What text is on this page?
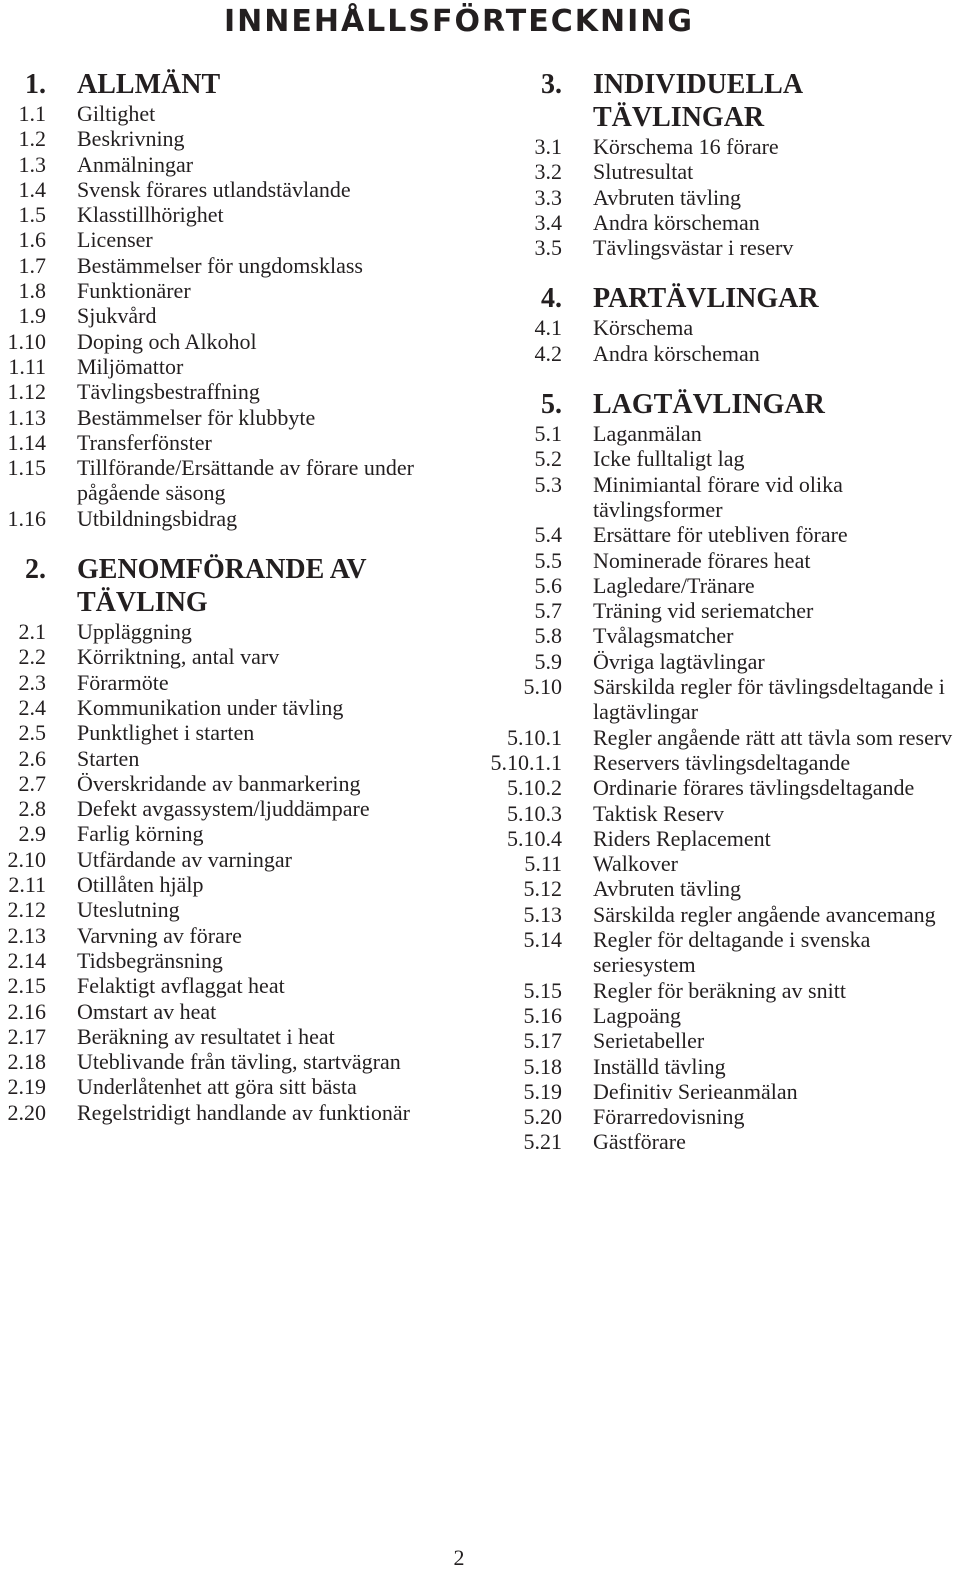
INNEHÅLLSFÖRTECKNING
1.	ALLMÄNT
1.1	Giltighet
1.2	Beskrivning
1.3	Anmälningar
1.4	Svensk förares utlandstävlande
1.5	Klasstillhörighet
1.6	Licenser
1.7	Bestämmelser för ungdomsklass
1.8	Funktionärer
1.9	Sjukvård
1.10	Doping och Alkohol
1.11	Miljömattor
1.12	Tävlingsbestraffning
1.13	Bestämmelser för klubbyte
1.14	Transferfönster
1.15	Tillförande/Ersättande av förare under pågående säsong
1.16	Utbildningsbidrag
2.	GENOMFÖRANDE AV TÄVLING
2.1	Uppläggning
2.2	Körriktning, antal varv
2.3	Förarmöte
2.4	Kommunikation under tävling
2.5	Punktlighet i starten
2.6	Starten
2.7	Överskridande av banmarkering
2.8	Defekt avgassystem/ljuddämpare
2.9	Farlig körning
2.10	Utfärdande av varningar
2.11	Otillåten hjälp
2.12	Uteslutning
2.13	Varvning av förare
2.14	Tidsbegränsning
2.15	Felaktigt avflaggat heat
2.16	Omstart av heat
2.17	Beräkning av resultatet i heat
2.18	Uteblivande från tävling, startvägran
2.19	Underlåtenhet att göra sitt bästa
2.20	Regelstridigt handlande av funktionär
3.	INDIVIDUELLA TÄVLINGAR
3.1	Körschema 16 förare
3.2	Slutresultat
3.3	Avbruten tävling
3.4	Andra körscheman
3.5	Tävlingsvästar i reserv
4.	PARTÄVLINGAR
4.1	Körschema
4.2	Andra körscheman
5.	LAGTÄVLINGAR
5.1	Laganmälan
5.2	Icke fulltaligt lag
5.3	Minimiantal förare vid olika tävlingsformer
5.4	Ersättare för utebliven förare
5.5	Nominerade förares heat
5.6	Lagledare/Tränare
5.7	Träning vid seriematcher
5.8	Tvålagsmatcher
5.9	Övriga lagtävlingar
5.10	Särskilda regler för tävlingsdeltagande i lagtävlingar
5.10.1	Regler angående rätt att tävla som reserv
5.10.1.1	Reservers tävlingsdeltagande
5.10.2	Ordinarie förares tävlingsdeltagande
5.10.3	Taktisk Reserv
5.10.4	Riders Replacement
5.11	Walkover
5.12	Avbruten tävling
5.13	Särskilda regler angående avancemang
5.14	Regler för deltagande i svenska seriesystem
5.15	Regler för beräkning av snitt
5.16	Lagpoäng
5.17	Serietabeller
5.18	Inställd tävling
5.19	Definitiv Serieanmälan
5.20	Förarredovisning
5.21	Gästförare
2
